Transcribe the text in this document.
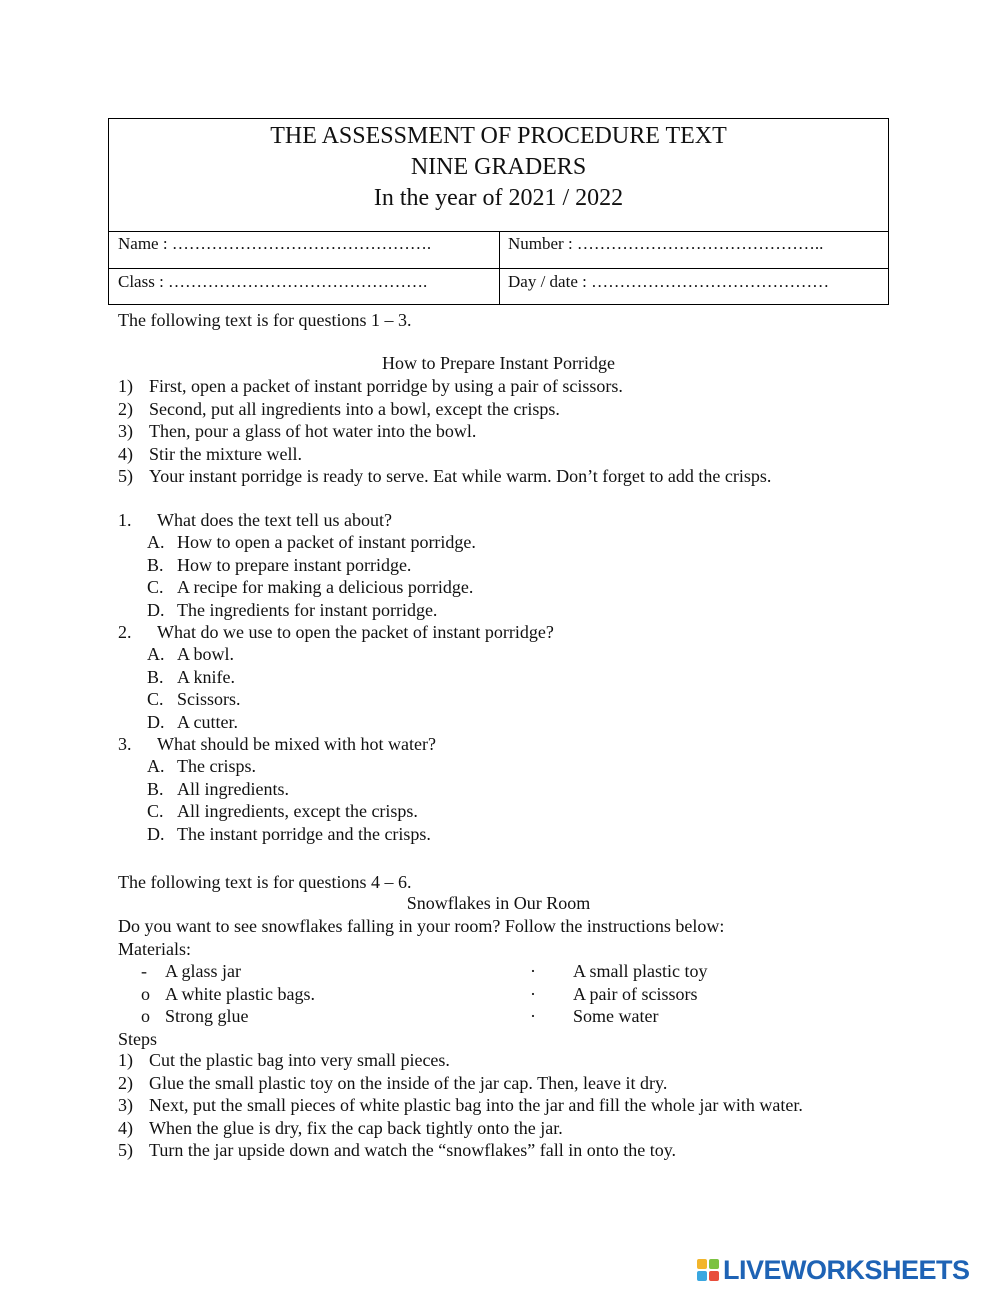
THE ASSESSMENT OF PROCEDURE TEXT
NINE GRADERS
In the year of 2021 / 2022
Name : ……………………………………….	Number : ……………………………………..
Class : ……………………………………….	Day / date : ……………………………………
The following text is for questions 1 – 3.
How to Prepare Instant Porridge
1) First, open a packet of instant porridge by using a pair of scissors.
2) Second, put all ingredients into a bowl, except the crisps.
3) Then, pour a glass of hot water into the bowl.
4) Stir the mixture well.
5) Your instant porridge is ready to serve. Eat while warm. Don’t forget to add the crisps.
1. What does the text tell us about?
A. How to open a packet of instant porridge.
B. How to prepare instant porridge.
C. A recipe for making a delicious porridge.
D. The ingredients for instant porridge.
2. What do we use to open the packet of instant porridge?
A. A bowl.
B. A knife.
C. Scissors.
D. A cutter.
3. What should be mixed with hot water?
A. The crisps.
B. All ingredients.
C. All ingredients, except the crisps.
D. The instant porridge and the crisps.
The following text is for questions 4 – 6.
Snowflakes in Our Room
Do you want to see snowflakes falling in your room? Follow the instructions below:
Materials:
- A glass jar
o A white plastic bags.
o Strong glue
· A small plastic toy
· A pair of scissors
· Some water
Steps
1) Cut the plastic bag into very small pieces.
2) Glue the small plastic toy on the inside of the jar cap. Then, leave it dry.
3) Next, put the small pieces of white plastic bag into the jar and fill the whole jar with water.
4) When the glue is dry, fix the cap back tightly onto the jar.
5) Turn the jar upside down and watch the “snowflakes” fall in onto the toy.
LIVEWORKSHEETS
